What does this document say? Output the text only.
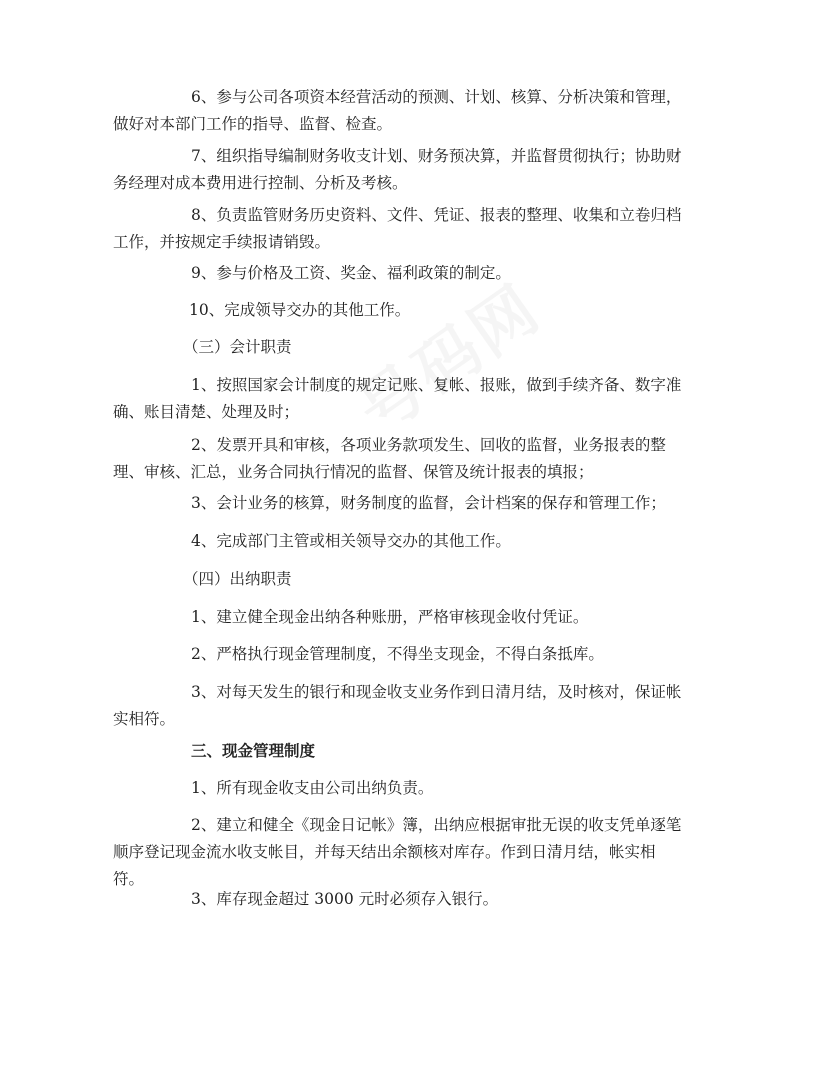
6、参与公司各项资本经营活动的预测、计划、核算、分析决策和管理，
做好对本部门工作的指导、监督、检查。
7、组织指导编制财务收支计划、财务预决算，并监督贯彻执行；协助财
务经理对成本费用进行控制、分析及考核。
8、负责监管财务历史资料、文件、凭证、报表的整理、收集和立卷归档
工作，并按规定手续报请销毁。
9、参与价格及工资、奖金、福利政策的制定。
10、完成领导交办的其他工作。
（三）会计职责
1、按照国家会计制度的规定记账、复帐、报账，做到手续齐备、数字准
确、账目清楚、处理及时；
2、发票开具和审核，各项业务款项发生、回收的监督，业务报表的整
理、审核、汇总，业务合同执行情况的监督、保管及统计报表的填报；
3、会计业务的核算，财务制度的监督，会计档案的保存和管理工作；
4、完成部门主管或相关领导交办的其他工作。
（四）出纳职责
1、建立健全现金出纳各种账册，严格审核现金收付凭证。
2、严格执行现金管理制度，不得坐支现金，不得白条抵库。
3、对每天发生的银行和现金收支业务作到日清月结，及时核对，保证帐
实相符。
三、现金管理制度
1、所有现金收支由公司出纳负责。
2、建立和健全《现金日记帐》簿，出纳应根据审批无误的收支凭单逐笔
顺序登记现金流水收支帐目，并每天结出余额核对库存。作到日清月结，帐实相
符。
3、库存现金超过 3000 元时必须存入银行。
